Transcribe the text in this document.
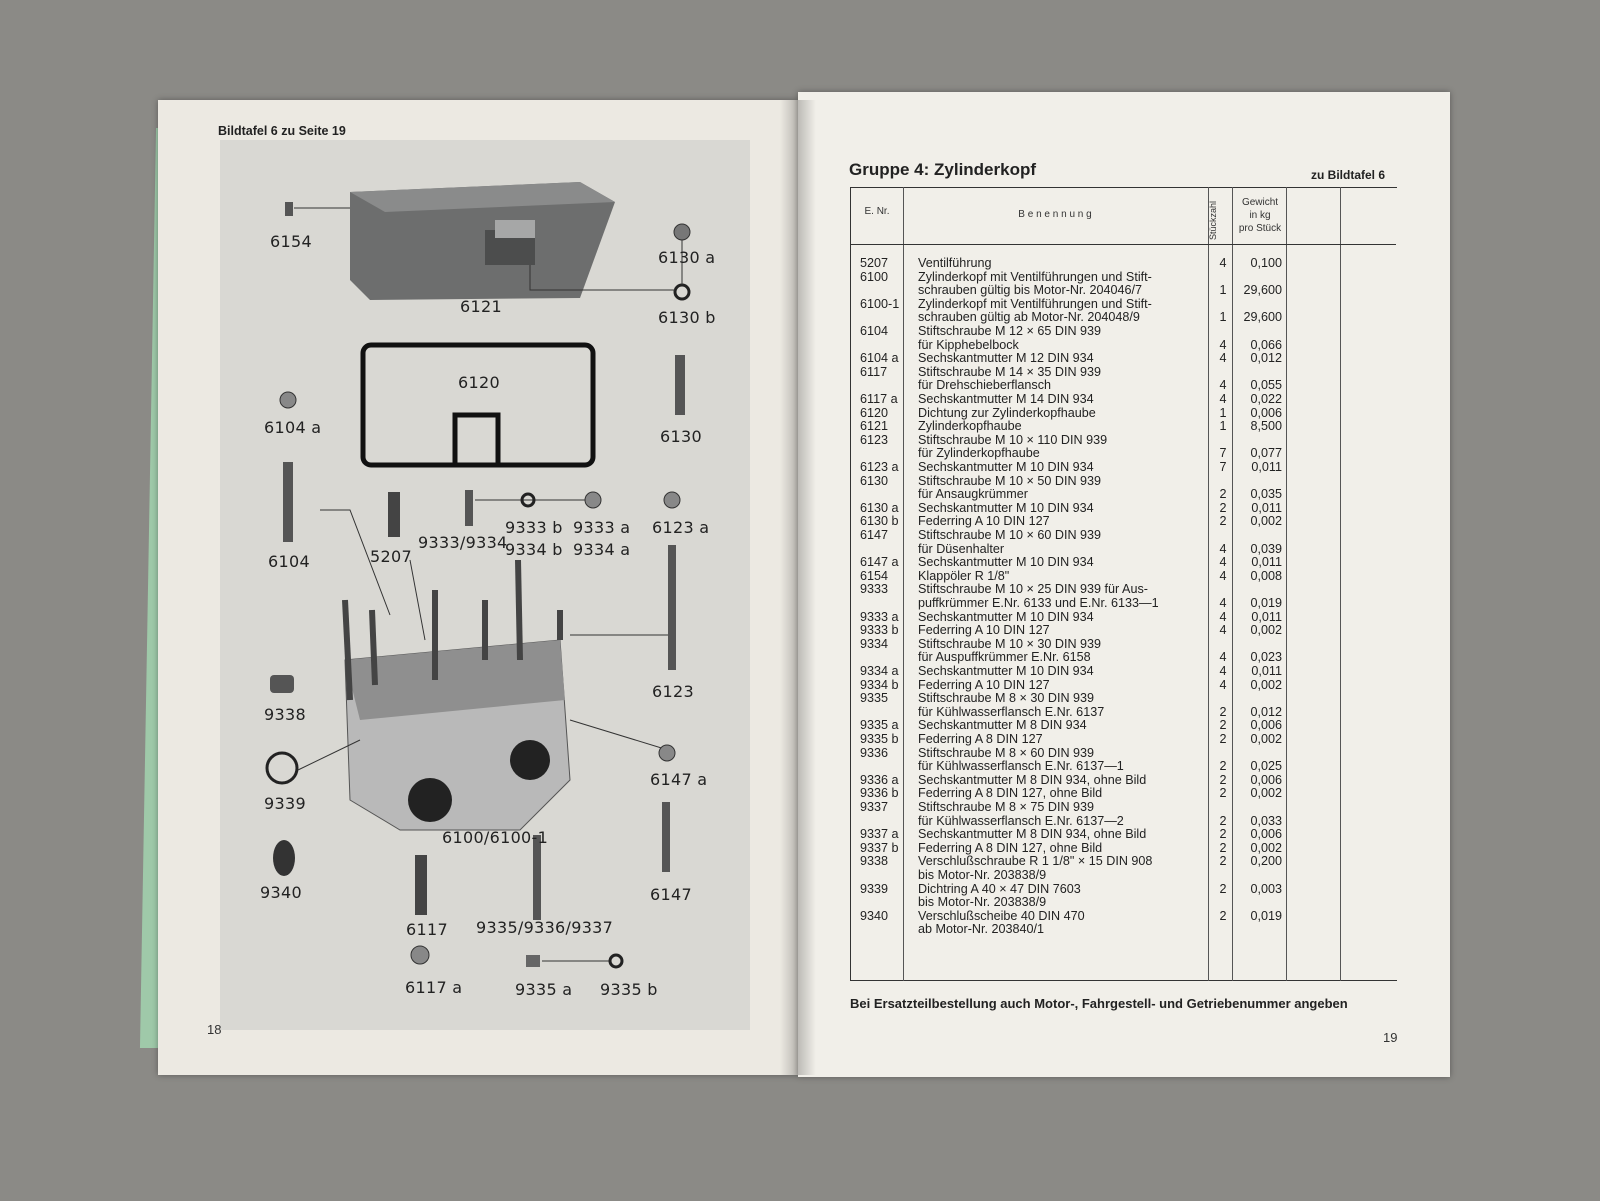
Bildtafel 6 zu Seite 19
6154
6121
6130 a
6130 b
6120
6130
6104 a
6104	5207
9333/9334
9333 b
9334 b
9333 a
9334 a
6123 a
6123
9338
9339
9340
6147 a
6147
6100/6100-1
6117
6117 a
9335/9336/9337
9335 a 9335 b
18
Gruppe 4: Zylinderkopf	zu Bildtafel 6
E. Nr.	B e n e n n u n g	Stückzahl	Gewicht
in kg
pro Stück
5207 Ventilführung	4	0,100
6100 Zylinderkopf mit Ventilführungen und Stift-
schrauben gültig bis Motor-Nr. 204046/7	1	29,600
6100-1 Zylinderkopf mit Ventilführungen und Stift-
schrauben gültig ab Motor-Nr. 204048/9	1	29,600
6104 Stiftschraube M 12 × 65 DIN 939
für Kipphebelbock	4	0,066
6104 a Sechskantmutter M 12 DIN 934	4	0,012
6117 Stiftschraube M 14 × 35 DIN 939
für Drehschieberflansch	4	0,055
6117 a Sechskantmutter M 14 DIN 934	4	0,022
6120 Dichtung zur Zylinderkopfhaube	1	0,006
6121 Zylinderkopfhaube	1	8,500
6123 Stiftschraube M 10 × 110 DIN 939
für Zylinderkopfhaube	7	0,077
6123 a Sechskantmutter M 10 DIN 934	7	0,011
6130 Stiftschraube M 10 × 50 DIN 939
für Ansaugkrümmer	2	0,035
6130 a Sechskantmutter M 10 DIN 934	2	0,011
6130 b Federring A 10 DIN 127	2	0,002
6147 Stiftschraube M 10 × 60 DIN 939
für Düsenhalter	4	0,039
6147 a Sechskantmutter M 10 DIN 934	4	0,011
6154 Klappöler R 1/8"	4	0,008
9333 Stiftschraube M 10 × 25 DIN 939 für Aus-
puffkrümmer E.Nr. 6133 und E.Nr. 6133—1	4	0,019
9333 a Sechskantmutter M 10 DIN 934	4	0,011
9333 b Federring A 10 DIN 127	4	0,002
9334 Stiftschraube M 10 × 30 DIN 939
für Auspuffkrümmer E.Nr. 6158	4	0,023
9334 a Sechskantmutter M 10 DIN 934	4	0,011
9334 b Federring A 10 DIN 127	4	0,002
9335 Stiftschraube M 8 × 30 DIN 939
für Kühlwasserflansch E.Nr. 6137	2	0,012
9335 a Sechskantmutter M 8 DIN 934	2	0,006
9335 b Federring A 8 DIN 127	2	0,002
9336 Stiftschraube M 8 × 60 DIN 939
für Kühlwasserflansch E.Nr. 6137—1	2	0,025
9336 a Sechskantmutter M 8 DIN 934, ohne Bild	2	0,006
9336 b Federring A 8 DIN 127, ohne Bild	2	0,002
9337 Stiftschraube M 8 × 75 DIN 939
für Kühlwasserflansch E.Nr. 6137—2	2	0,033
9337 a Sechskantmutter M 8 DIN 934, ohne Bild	2	0,006
9337 b Federring A 8 DIN 127, ohne Bild	2	0,002
9338 Verschlußschraube R 1 1/8" × 15 DIN 908	2	0,200
bis Motor-Nr. 203838/9
9339 Dichtring A 40 × 47 DIN 7603	2	0,003
bis Motor-Nr. 203838/9
9340 Verschlußscheibe 40 DIN 470	2	0,019
ab Motor-Nr. 203840/1
Bei Ersatzteilbestellung auch Motor-, Fahrgestell- und Getriebenummer angeben
19
